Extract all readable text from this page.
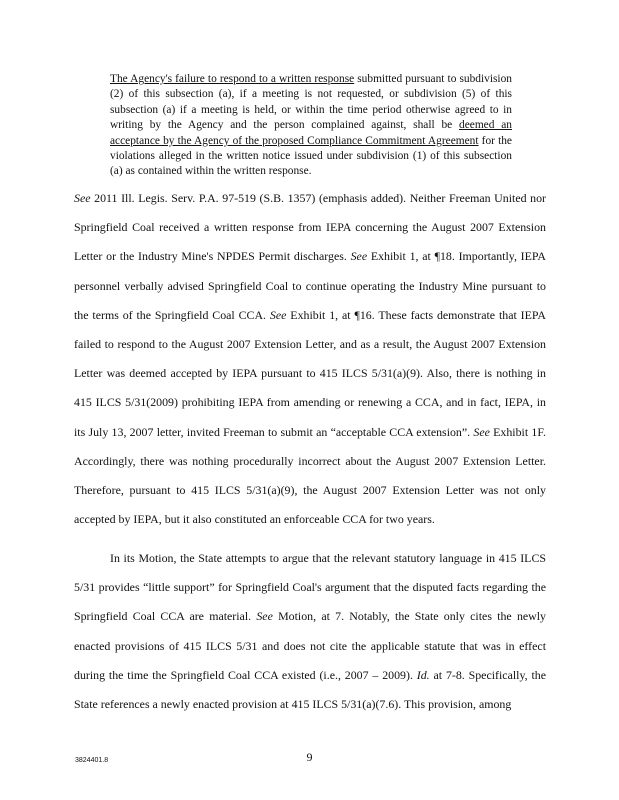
The Agency's failure to respond to a written response submitted pursuant to subdivision (2) of this subsection (a), if a meeting is not requested, or subdivision (5) of this subsection (a) if a meeting is held, or within the time period otherwise agreed to in writing by the Agency and the person complained against, shall be deemed an acceptance by the Agency of the proposed Compliance Commitment Agreement for the violations alleged in the written notice issued under subdivision (1) of this subsection (a) as contained within the written response.

See 2011 Ill. Legis. Serv. P.A. 97-519 (S.B. 1357) (emphasis added). Neither Freeman United nor Springfield Coal received a written response from IEPA concerning the August 2007 Extension Letter or the Industry Mine's NPDES Permit discharges. See Exhibit 1, at ¶18. Importantly, IEPA personnel verbally advised Springfield Coal to continue operating the Industry Mine pursuant to the terms of the Springfield Coal CCA. See Exhibit 1, at ¶16. These facts demonstrate that IEPA failed to respond to the August 2007 Extension Letter, and as a result, the August 2007 Extension Letter was deemed accepted by IEPA pursuant to 415 ILCS 5/31(a)(9). Also, there is nothing in 415 ILCS 5/31(2009) prohibiting IEPA from amending or renewing a CCA, and in fact, IEPA, in its July 13, 2007 letter, invited Freeman to submit an “acceptable CCA extension”. See Exhibit 1F. Accordingly, there was nothing procedurally incorrect about the August 2007 Extension Letter. Therefore, pursuant to 415 ILCS 5/31(a)(9), the August 2007 Extension Letter was not only accepted by IEPA, but it also constituted an enforceable CCA for two years.

In its Motion, the State attempts to argue that the relevant statutory language in 415 ILCS 5/31 provides “little support” for Springfield Coal's argument that the disputed facts regarding the Springfield Coal CCA are material. See Motion, at 7. Notably, the State only cites the newly enacted provisions of 415 ILCS 5/31 and does not cite the applicable statute that was in effect during the time the Springfield Coal CCA existed (i.e., 2007 – 2009). Id. at 7-8. Specifically, the State references a newly enacted provision at 415 ILCS 5/31(a)(7.6). This provision, among

3824401.8	9
